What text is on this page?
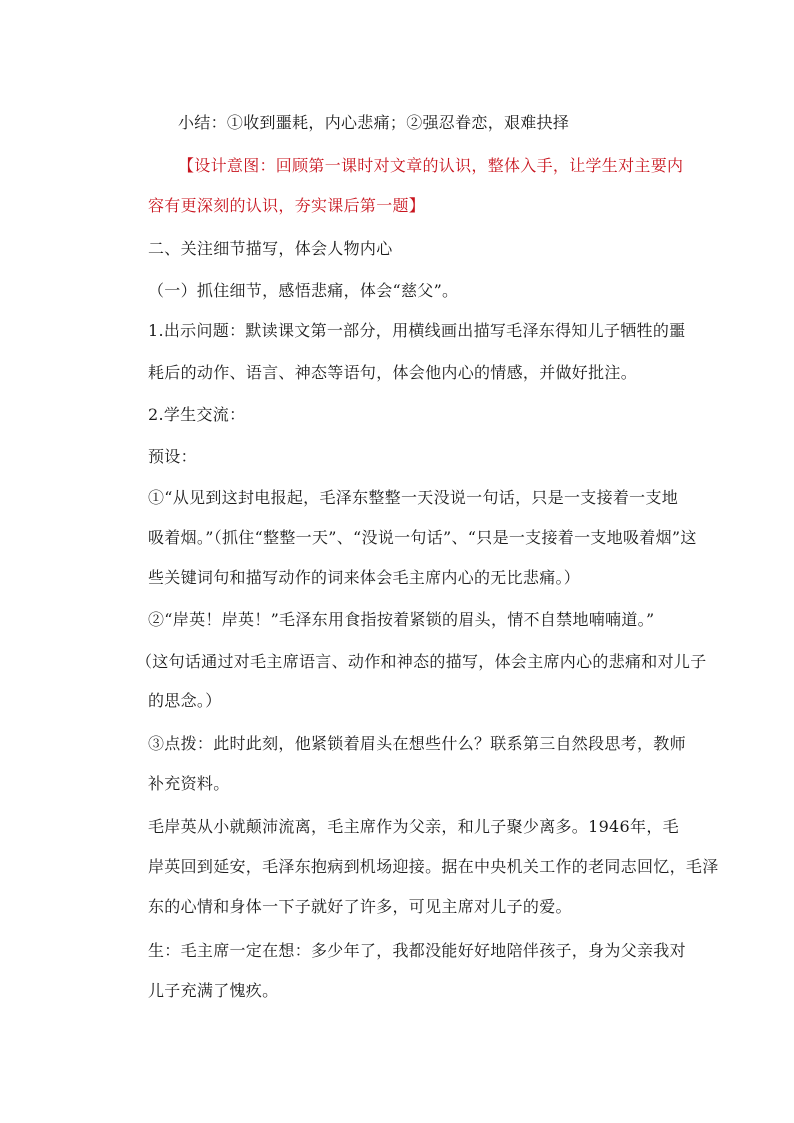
小结：①收到噩耗，内心悲痛；②强忍眷恋，艰难抉择
【设计意图：回顾第一课时对文章的认识，整体入手，让学生对主要内
容有更深刻的认识，夯实课后第一题】
二、关注细节描写，体会人物内心
（一）抓住细节，感悟悲痛，体会“慈父”。
1.出示问题：默读课文第一部分，用横线画出描写毛泽东得知儿子牺牲的噩
耗后的动作、语言、神态等语句，体会他内心的情感，并做好批注。
2.学生交流：
预设：
①“从见到这封电报起，毛泽东整整一天没说一句话，只是一支接着一支地
吸着烟。”（抓住“整整一天”、“没说一句话”、“只是一支接着一支地吸着烟”这
些关键词句和描写动作的词来体会毛主席内心的无比悲痛。）
②“岸英！岸英！”毛泽东用食指按着紧锁的眉头，情不自禁地喃喃道。”
（这句话通过对毛主席语言、动作和神态的描写，体会主席内心的悲痛和对儿子
的思念。）
③点拨：此时此刻，他紧锁着眉头在想些什么？联系第三自然段思考，教师
补充资料。
毛岸英从小就颠沛流离，毛主席作为父亲，和儿子聚少离多。1946年，毛
岸英回到延安，毛泽东抱病到机场迎接。据在中央机关工作的老同志回忆，毛泽
东的心情和身体一下子就好了许多，可见主席对儿子的爱。
生：毛主席一定在想：多少年了，我都没能好好地陪伴孩子，身为父亲我对
儿子充满了愧疚。
